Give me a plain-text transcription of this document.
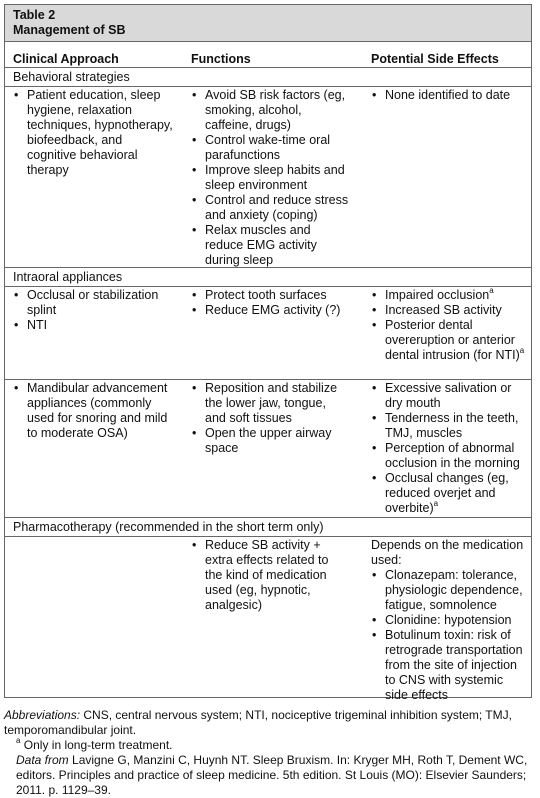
Table 2
Management of SB
Clinical Approach	Functions	Potential Side Effects
Behavioral strategies
• Patient education, sleep hygiene, relaxation techniques, hypnotherapy, biofeedback, and cognitive behavioral therapy
• Avoid SB risk factors (eg, smoking, alcohol, caffeine, drugs)
• Control wake-time oral parafunctions
• Improve sleep habits and sleep environment
• Control and reduce stress and anxiety (coping)
• Relax muscles and reduce EMG activity during sleep
• None identified to date
Intraoral appliances
• Occlusal or stabilization splint
• NTI
• Protect tooth surfaces
• Reduce EMG activity (?)
• Impaired occlusion$^a$
• Increased SB activity
• Posterior dental overeruption or anterior dental intrusion (for NTI)$^a$
• Mandibular advancement appliances (commonly used for snoring and mild to moderate OSA)
• Reposition and stabilize the lower jaw, tongue, and soft tissues
• Open the upper airway space
• Excessive salivation or dry mouth
• Tenderness in the teeth, TMJ, muscles
• Perception of abnormal occlusion in the morning
• Occlusal changes (eg, reduced overjet and overbite)$^a$
Pharmacotherapy (recommended in the short term only)
• Reduce SB activity + extra effects related to the kind of medication used (eg, hypnotic, analgesic)

Depends on the medication used:

• Clonazepam: tolerance, physiologic dependence, fatigue, somnolence
• Clonidine: hypotension
• Botulinum toxin: risk of retrograde transportation from the site of injection to CNS with systemic side effects

Abbreviations: CNS, central nervous system; NTI, nociceptive trigeminal inhibition system; TMJ, temporomandibular joint.

$^a$ Only in long-term treatment.

Data from Lavigne G, Manzini C, Huynh NT. Sleep Bruxism. In: Kryger MH, Roth T, Dement WC, editors. Principles and practice of sleep medicine. 5th edition. St Louis (MO): Elsevier Saunders; 2011. p. 1129–39.
